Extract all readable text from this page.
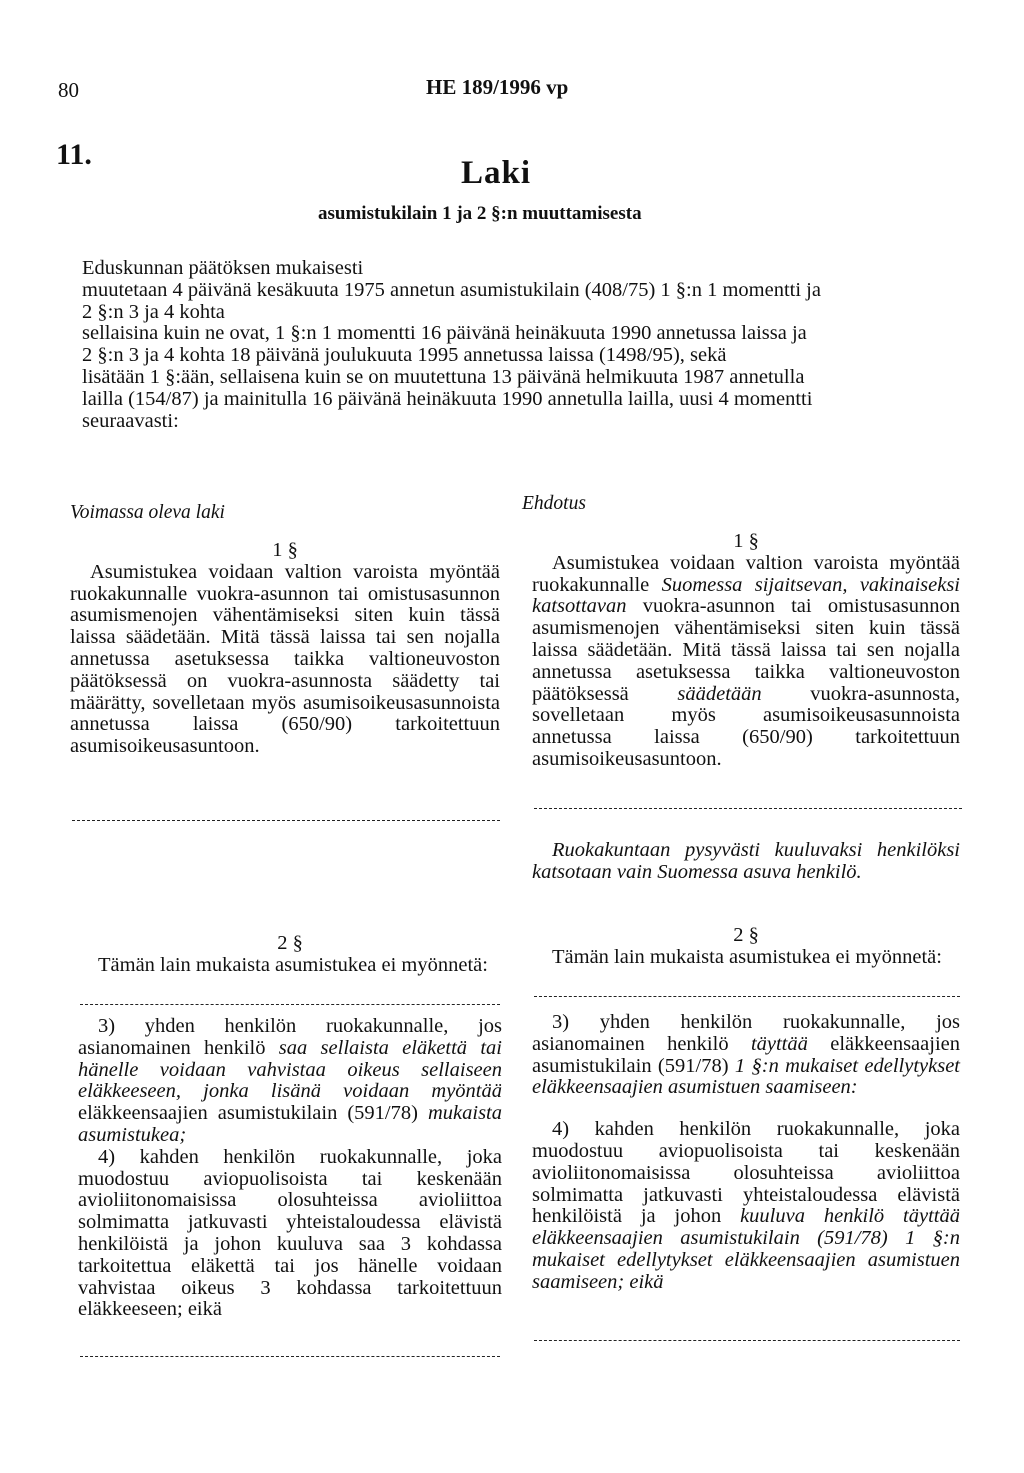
80	HE 189/1996 vp
11.
Laki
asumistukilain 1 ja 2 §:n muuttamisesta
Eduskunnan päätöksen mukaisesti
muutetaan 4 päivänä kesäkuuta 1975 annetun asumistukilain (408/75) 1 §:n 1 momentti ja
2 §:n 3 ja 4 kohta
sellaisina kuin ne ovat, 1 §:n 1 momentti 16 päivänä heinäkuuta 1990 annetussa laissa ja
2 §:n 3 ja 4 kohta 18 päivänä joulukuuta 1995 annetussa laissa (1498/95), sekä
lisätään 1 §:ään, sellaisena kuin se on muutettuna 13 päivänä helmikuuta 1987 annetulla
lailla (154/87) ja mainitulla 16 päivänä heinäkuuta 1990 annetulla lailla, uusi 4 momentti
seuraavasti:
Voimassa oleva laki	Ehdotus
1 §

Asumistukea voidaan valtion varoista myöntää ruokakunnalle vuokra-asunnon tai omistusasunnon asumismenojen vähentämiseksi siten kuin tässä laissa säädetään. Mitä tässä laissa tai sen nojalla annetussa asetuksessa taikka valtioneuvoston päätöksessä on vuokra-asunnosta säädetty tai määrätty, sovelletaan myös asumisoikeusasunnoista annetussa laissa (650/90) tarkoitettuun asumisoikeusasuntoon.

1 §

Asumistukea voidaan valtion varoista myöntää ruokakunnalle Suomessa sijaitsevan, vakinaiseksi katsottavan vuokra-asunnon tai omistusasunnon asumismenojen vähentämiseksi siten kuin tässä laissa säädetään. Mitä tässä laissa tai sen nojalla annetussa asetuksessa taikka valtioneuvoston päätöksessä säädetään vuokra-asunnosta, sovelletaan myös asumisoikeusasunnoista annetussa laissa (650/90) tarkoitettuun asumisoikeusasuntoon.

Ruokakuntaan pysyvästi kuuluvaksi henkilöksi katsotaan vain Suomessa asuva henkilö.

2 §

Tämän lain mukaista asumistukea ei myönnetä:

3) yhden henkilön ruokakunnalle, jos asianomainen henkilö saa sellaista eläkettä tai hänelle voidaan vahvistaa oikeus sellaiseen eläkkeeseen, jonka lisänä voidaan myöntää eläkkeensaajien asumistukilain (591/78) mukaista asumistukea;

4) kahden henkilön ruokakunnalle, joka muodostuu aviopuolisoista tai keskenään avioliitonomaisissa olosuhteissa avioliittoa solmimatta jatkuvasti yhteistaloudessa elävistä henkilöistä ja johon kuuluva saa 3 kohdassa tarkoitettua eläkettä tai jos hänelle voidaan vahvistaa oikeus 3 kohdassa tarkoitettuun eläkkeeseen; eikä

2 §

Tämän lain mukaista asumistukea ei myönnetä:

3) yhden henkilön ruokakunnalle, jos asianomainen henkilö täyttää eläkkeensaajien asumistukilain (591/78) 1 §:n mukaiset edellytykset eläkkeensaajien asumistuen saamiseen:

4) kahden henkilön ruokakunnalle, joka muodostuu aviopuolisoista tai keskenään avioliitonomaisissa olosuhteissa avioliittoa solmimatta jatkuvasti yhteistaloudessa elävistä henkilöistä ja johon kuuluva henkilö täyttää eläkkeensaajien asumistukilain (591/78) 1 §:n mukaiset edellytykset eläkkeensaajien asumistuen saamiseen; eikä
